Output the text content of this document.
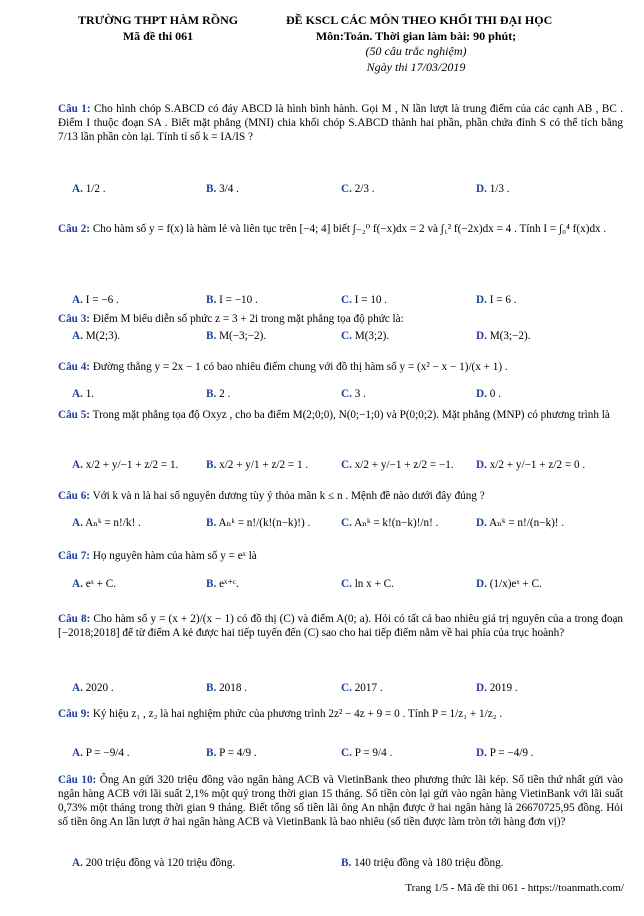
TRƯỜNG THPT HÀM RỒNG
Mã đề thi 061
ĐỀ KSCL CÁC MÔN THEO KHỐI THI ĐẠI HỌC
Môn:Toán. Thời gian làm bài: 90 phút;
(50 câu trắc nghiệm)
Ngày thi 17/03/2019
Câu 1: Cho hình chóp S.ABCD có đáy ABCD là hình bình hành. Gọi M , N lần lượt là trung điểm của các cạnh AB , BC . Điểm I thuộc đoạn SA . Biết mặt phẳng (MNI) chia khối chóp S.ABCD thành hai phần, phần chứa đỉnh S có thể tích bằng 7/13 lần phần còn lại. Tính tỉ số k = IA/IS ?
A. 1/2 .	B. 3/4 .	C. 2/3 .	D. 1/3 .
Câu 2: Cho hàm số y = f(x) là hàm lẻ và liên tục trên [−4; 4] biết ∫₋₂⁰ f(−x)dx = 2 và ∫₁² f(−2x)dx = 4 . Tính I = ∫₀⁴ f(x)dx .
A. I = −6 .	B. I = −10 .	C. I = 10 .	D. I = 6 .
Câu 3: Điểm M biểu diễn số phức z = 3 + 2i trong mặt phẳng tọa độ phức là:
A. M(2;3).	B. M(−3;−2).	C. M(3;2).	D. M(3;−2).
Câu 4: Đường thẳng y = 2x − 1 có bao nhiêu điểm chung với đồ thị hàm số y = (x² − x − 1)/(x + 1) .
A. 1.	B. 2 .	C. 3 .	D. 0 .
Câu 5: Trong mặt phẳng tọa độ Oxyz , cho ba điểm M(2;0;0), N(0;−1;0) và P(0;0;2). Mặt phẳng (MNP) có phương trình là
A. x/2 + y/−1 + z/2 = 1. B. x/2 + y/1 + z/2 = 1 .	C. x/2 + y/−1 + z/2 = −1. D. x/2 + y/−1 + z/2 = 0 .
Câu 6: Với k và n là hai số nguyên dương tùy ý thỏa mãn k ≤ n . Mệnh đề nào dưới đây đúng ?
A. Aₙᵏ = n!/k! .	B. Aₙᵏ = n!/(k!(n−k)!) .	C. Aₙᵏ = k!(n−k)!/n! .	D. Aₙᵏ = n!/(n−k)! .
Câu 7: Họ nguyên hàm của hàm số y = eˣ là
A. eˣ + C.	B. eˣ⁺ᶜ.	C. ln x + C.	D. (1/x)eˣ + C.
Câu 8: Cho hàm số y = (x + 2)/(x − 1) có đồ thị (C) và điểm A(0; a). Hỏi có tất cả bao nhiêu giá trị nguyên của a trong đoạn [−2018;2018] để từ điểm A kẻ được hai tiếp tuyến đến (C) sao cho hai tiếp điểm nằm về hai phía của trục hoành?
A. 2020 .	B. 2018 .	C. 2017 .	D. 2019 .
Câu 9: Ký hiệu z₁ , z₂ là hai nghiệm phức của phương trình 2z² − 4z + 9 = 0 . Tính P = 1/z₁ + 1/z₂ .
A. P = −9/4 .	B. P = 4/9 .	C. P = 9/4 .	D. P = −4/9 .
Câu 10: Ông An gửi 320 triệu đồng vào ngân hàng ACB và VietinBank theo phương thức lãi kép. Số tiền thứ nhất gửi vào ngân hàng ACB với lãi suất 2,1% một quý trong thời gian 15 tháng. Số tiền còn lại gửi vào ngân hàng VietinBank với lãi suất 0,73% một tháng trong thời gian 9 tháng. Biết tổng số tiền lãi ông An nhận được ở hai ngân hàng là 26670725,95 đồng. Hỏi số tiền ông An lần lượt ở hai ngân hàng ACB và VietinBank là bao nhiêu (số tiền được làm tròn tới hàng đơn vị)?
A. 200 triệu đồng và 120 triệu đồng.	B. 140 triệu đồng và 180 triệu đồng.
Trang 1/5 - Mã đề thi 061 - https://toanmath.com/
